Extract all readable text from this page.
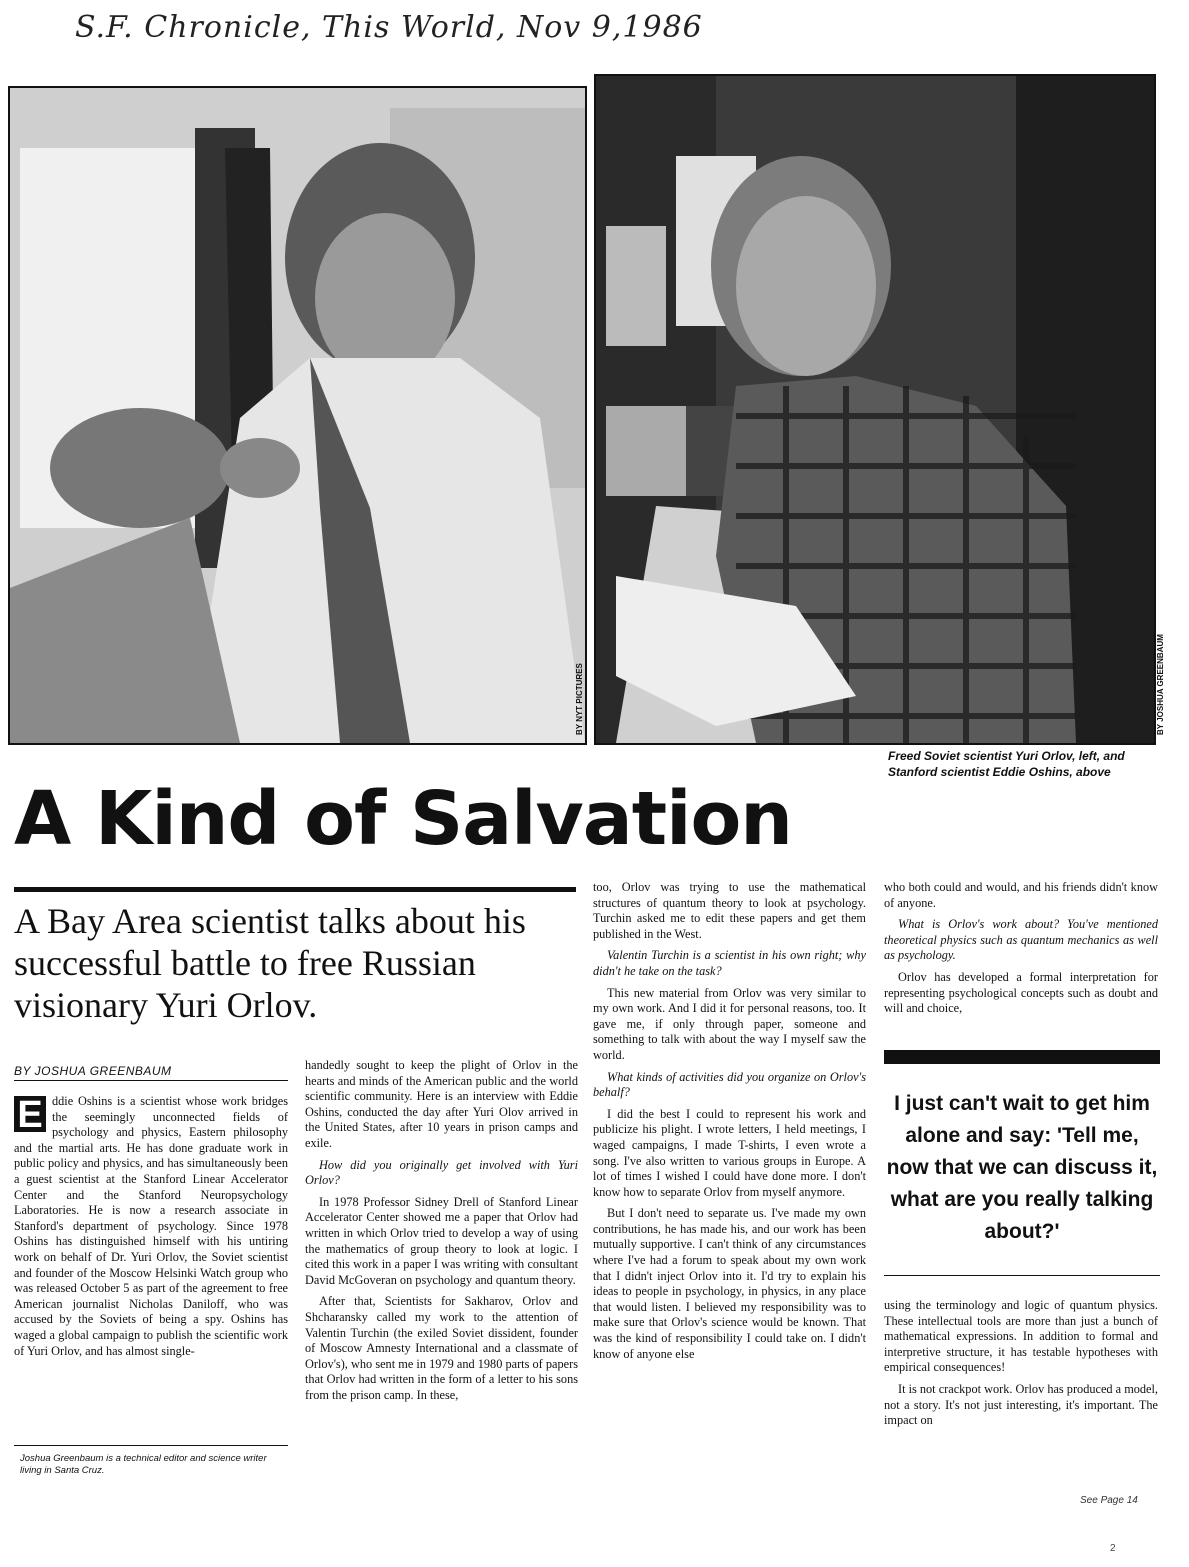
S.F. Chronicle, This World, Nov 9,1986
BY NYT PICTURES	BY JOSHUA GREENBAUM
Freed Soviet scientist Yuri Orlov, left, and
Stanford scientist Eddie Oshins, above
A Kind of Salvation
A Bay Area scientist talks about his successful battle to free Russian visionary Yuri Orlov.
BY JOSHUA GREENBAUM
E ddie Oshins is a scientist whose work bridges the seemingly unconnected fields of psychology and physics, Eastern philosophy and the martial arts. He has done graduate work in public policy and physics, and has simultaneously been a guest scientist at the Stanford Linear Accelerator Center and the Stanford Neuropsychology Laboratories. He is now a research associate in Stanford's department of psychology. Since 1978 Oshins has distinguished himself with his untiring work on behalf of Dr. Yuri Orlov, the Soviet scientist and founder of the Moscow Helsinki Watch group who was released October 5 as part of the agreement to free American journalist Nicholas Daniloff, who was accused by the Soviets of being a spy. Oshins has waged a global campaign to publish the scientific work of Yuri Orlov, and has almost single-

Joshua Greenbaum is a technical editor and science writer living in Santa Cruz.

handedly sought to keep the plight of Orlov in the hearts and minds of the American public and the world scientific community. Here is an interview with Eddie Oshins, conducted the day after Yuri Olov arrived in the United States, after 10 years in prison camps and exile.

How did you originally get involved with Yuri Orlov?

In 1978 Professor Sidney Drell of Stanford Linear Accelerator Center showed me a paper that Orlov had written in which Orlov tried to develop a way of using the mathematics of group theory to look at logic. I cited this work in a paper I was writing with consultant David McGoveran on psychology and quantum theory.

After that, Scientists for Sakharov, Orlov and Shcharansky called my work to the attention of Valentin Turchin (the exiled Soviet dissident, founder of Moscow Amnesty International and a classmate of Orlov's), who sent me in 1979 and 1980 parts of papers that Orlov had written in the form of a letter to his sons from the prison camp. In these,

too, Orlov was trying to use the mathematical structures of quantum theory to look at psychology. Turchin asked me to edit these papers and get them published in the West.

Valentin Turchin is a scientist in his own right; why didn't he take on the task?

This new material from Orlov was very similar to my own work. And I did it for personal reasons, too. It gave me, if only through paper, someone and something to talk with about the way I myself saw the world.

What kinds of activities did you organize on Orlov's behalf?

I did the best I could to represent his work and publicize his plight. I wrote letters, I held meetings, I waged campaigns, I made T-shirts, I even wrote a song. I've also written to various groups in Europe. A lot of times I wished I could have done more. I don't know how to separate Orlov from myself anymore.

But I don't need to separate us. I've made my own contributions, he has made his, and our work has been mutually supportive. I can't think of any circumstances where I've had a forum to speak about my own work that I didn't inject Orlov into it. I'd try to explain his ideas to people in psychology, in physics, in any place that would listen. I believed my responsibility was to make sure that Orlov's science would be known. That was the kind of responsibility I could take on. I didn't know of anyone else

who both could and would, and his friends didn't know of anyone.

What is Orlov's work about? You've mentioned theoretical physics such as quantum mechanics as well as psychology.

Orlov has developed a formal interpretation for representing psychological concepts such as doubt and will and choice,

I just can't wait to get him alone and say: 'Tell me, now that we can discuss it, what are you really talking about?'

using the terminology and logic of quantum physics. These intellectual tools are more than just a bunch of mathematical expressions. In addition to formal and interpretive structure, it has testable hypotheses with empirical consequences!

It is not crackpot work. Orlov has produced a model, not a story. It's not just interesting, it's important. The impact on

See Page 14
2
